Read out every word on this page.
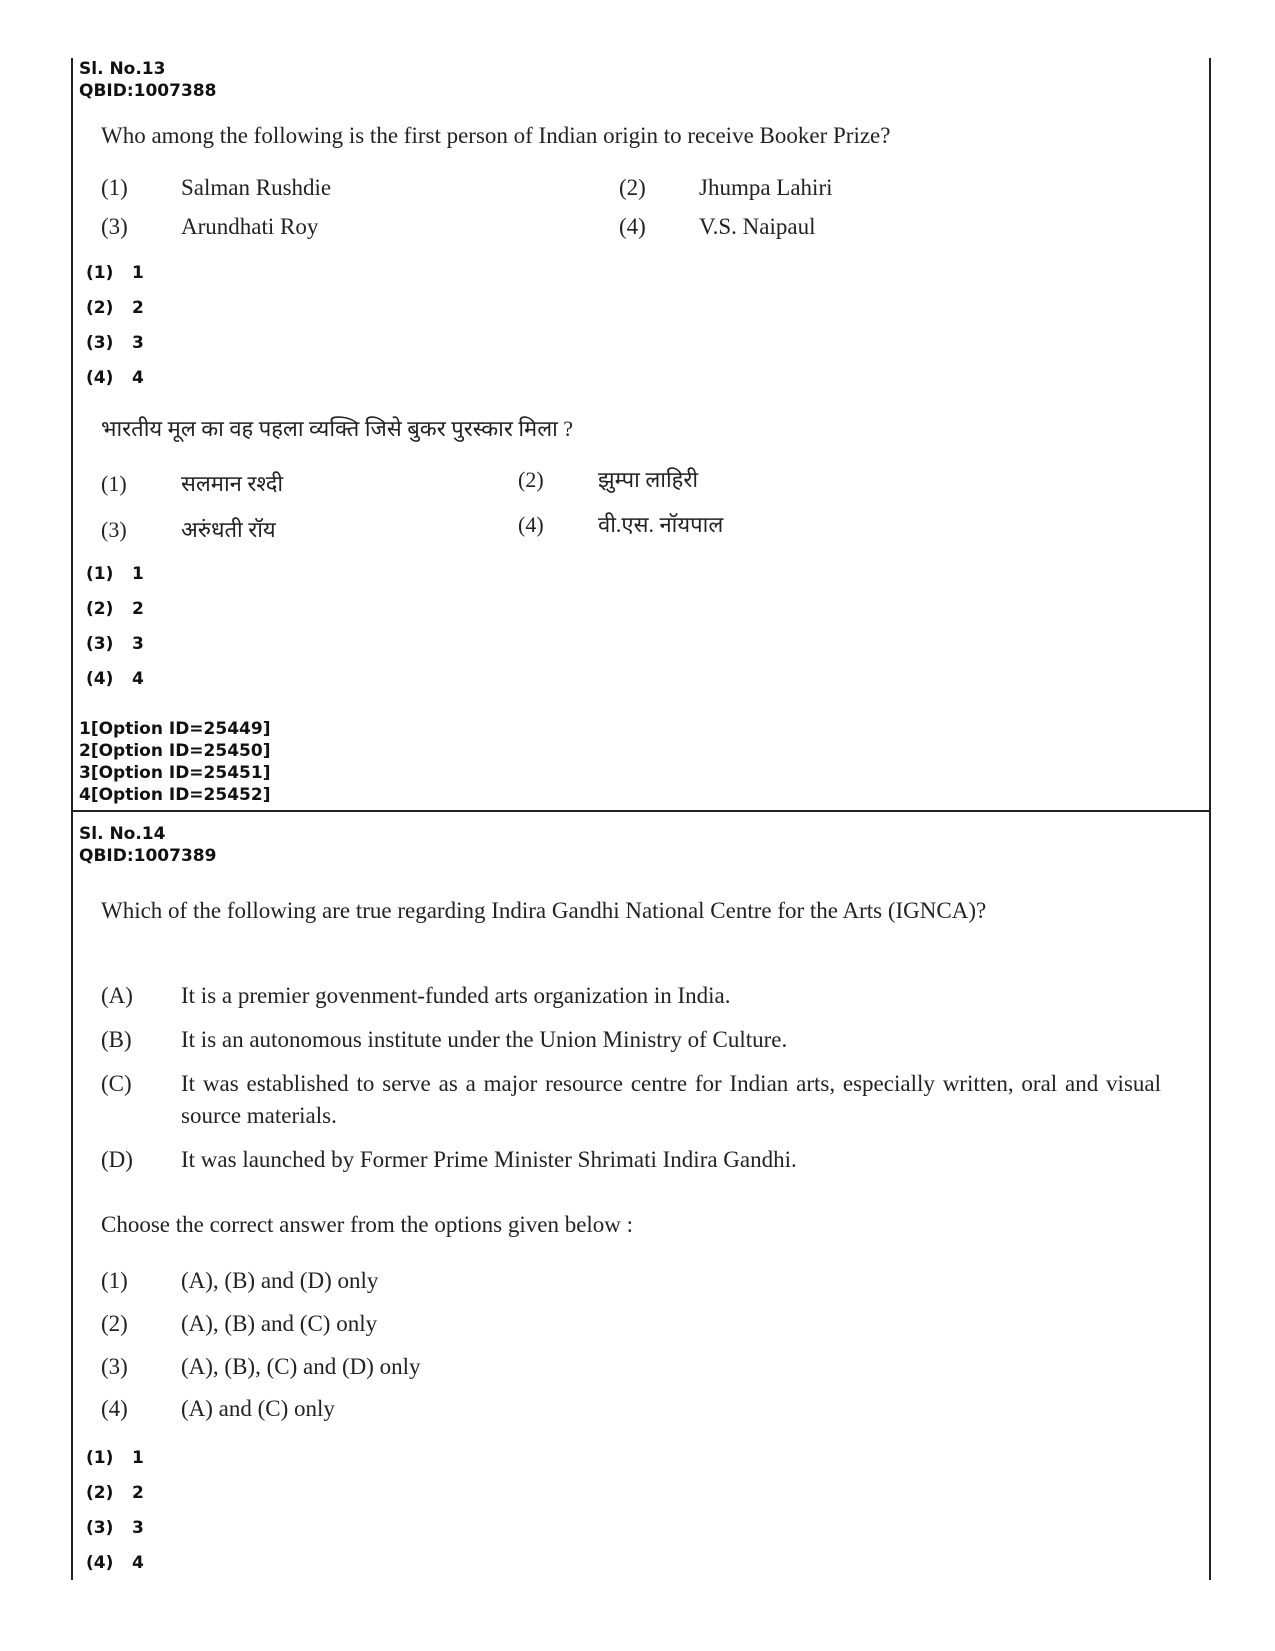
Sl. No.13
QBID:1007388
Who among the following is the first person of Indian origin to receive Booker Prize?
(1) Salman Rushdie	(2) Jhumpa Lahiri
(3) Arundhati Roy	(4) V.S. Naipaul
(1) 1
(2) 2
(3) 3
(4) 4
भारतीय मूल का वह पहला व्यक्ति जिसे बुकर पुरस्कार मिला ?
(1) सलमान रश्दी	(2) झुम्पा लाहिरी
(3) अरुंधती रॉय	(4) वी.एस. नॉयपाल
(1) 1
(2) 2
(3) 3
(4) 4
1[Option ID=25449]
2[Option ID=25450]
3[Option ID=25451]
4[Option ID=25452]
Sl. No.14
QBID:1007389
Which of the following are true regarding Indira Gandhi National Centre for the Arts (IGNCA)?
(A) It is a premier govenment-funded arts organization in India.
(B) It is an autonomous institute under the Union Ministry of Culture.
(C) It was established to serve as a major resource centre for Indian arts, especially written, oral and visual source materials.
(D) It was launched by Former Prime Minister Shrimati Indira Gandhi.
Choose the correct answer from the options given below :
(1) (A), (B) and (D) only
(2) (A), (B) and (C) only
(3) (A), (B), (C) and (D) only
(4) (A) and (C) only
(1) 1
(2) 2
(3) 3
(4) 4
